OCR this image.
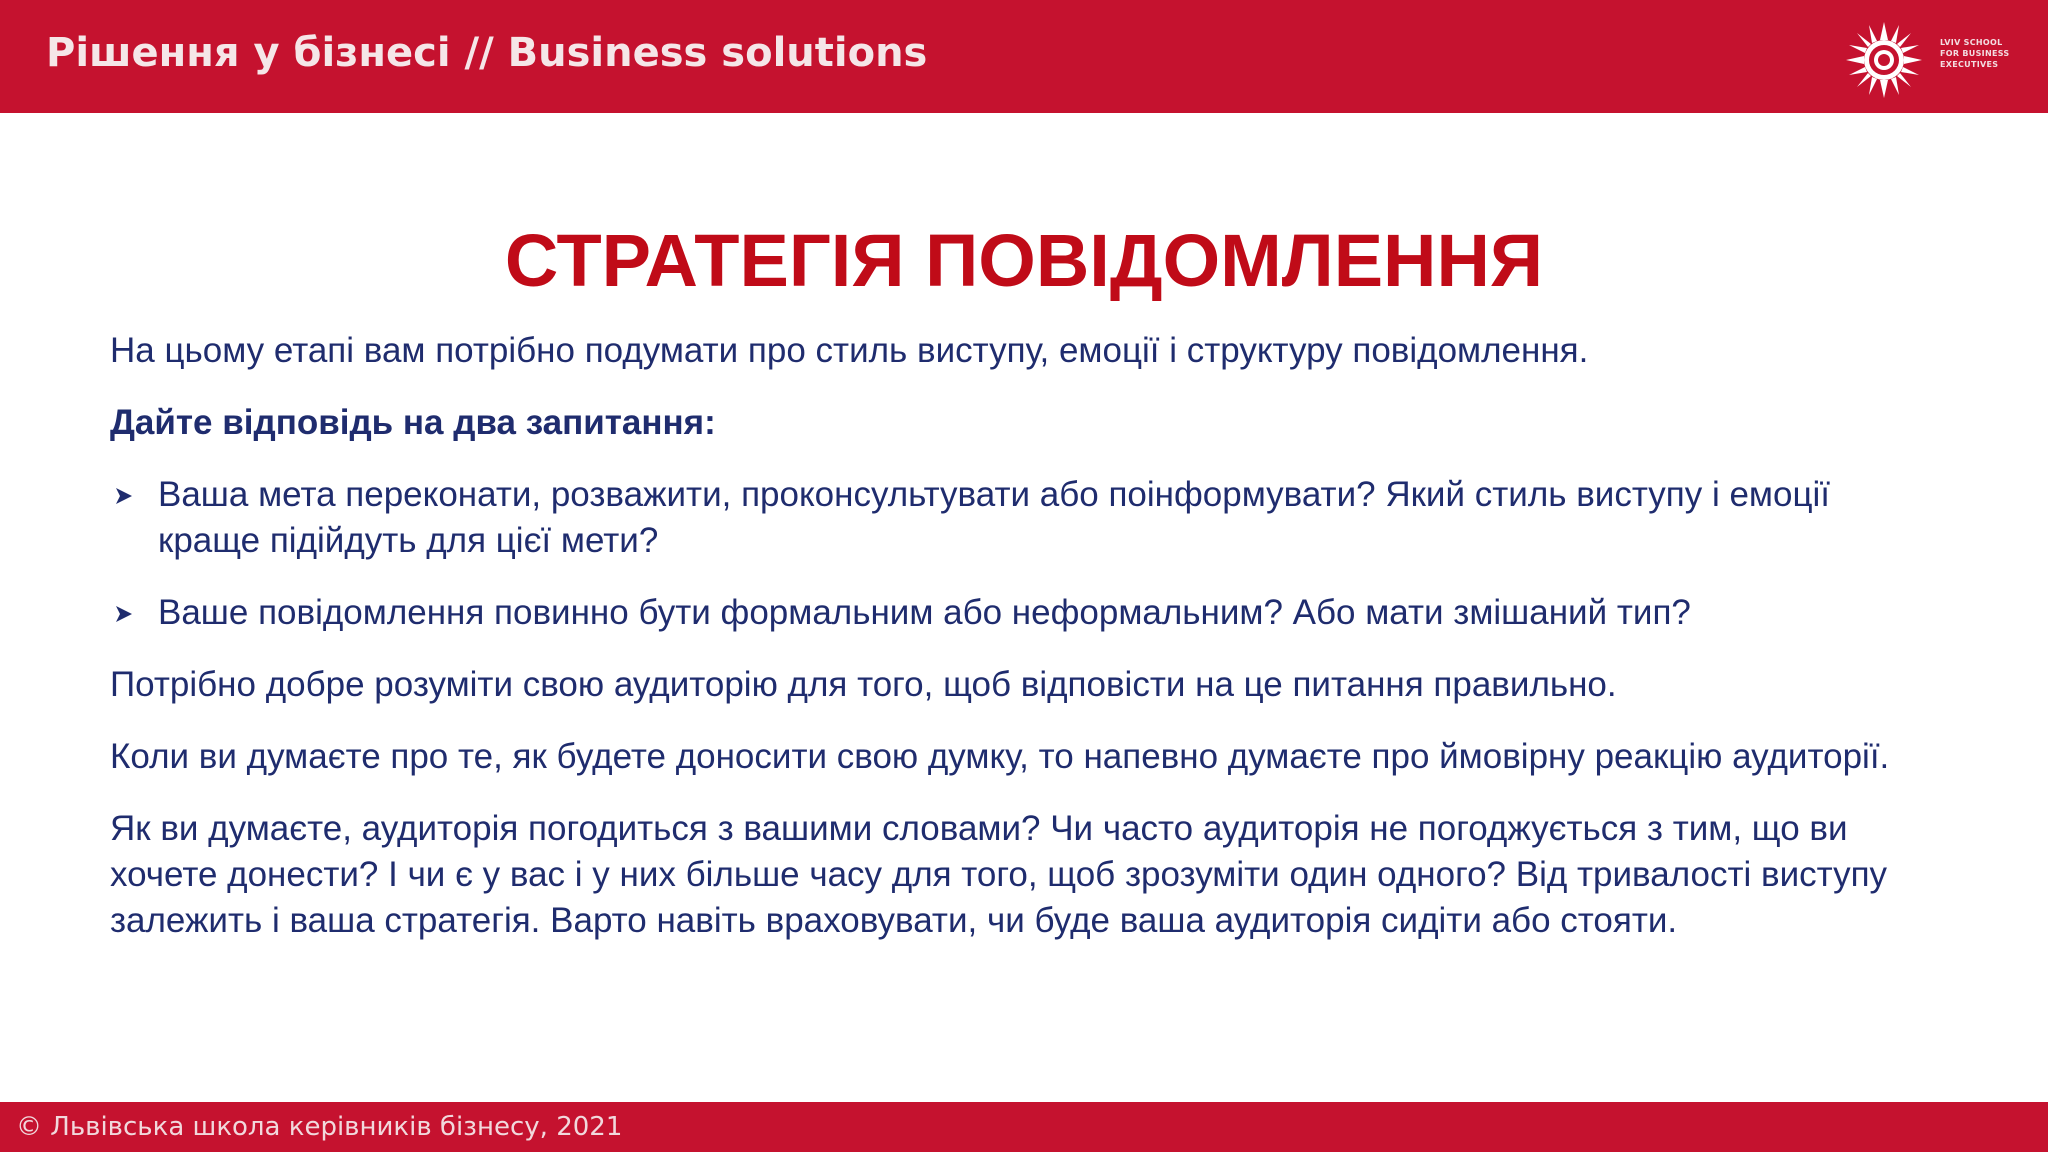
Рішення у бізнесі // Business solutions	LVIV SCHOOL
FOR BUSINESS
EXECUTIVES
СТРАТЕГІЯ ПОВІДОМЛЕННЯ

На цьому етапі вам потрібно подумати про стиль виступу, емоції і структуру повідомлення.

Дайте відповідь на два запитання:

Ваша мета переконати, розважити, проконсультувати або поінформувати? Який стиль виступу і емоції краще підійдуть для цієї мети?
Ваше повідомлення повинно бути формальним або неформальним? Або мати змішаний тип?

Потрібно добре розуміти свою аудиторію для того, щоб відповісти на це питання правильно.

Коли ви думаєте про те, як будете доносити свою думку, то напевно думаєте про ймовірну реакцію аудиторії.

Як ви думаєте, аудиторія погодиться з вашими словами? Чи часто аудиторія не погоджується з тим, що ви хочете донести? І чи є у вас і у них більше часу для того, щоб зрозуміти один одного? Від тривалості виступу залежить і ваша стратегія. Варто навіть враховувати, чи буде ваша аудиторія сидіти або стояти.

© Львівська школа керівників бізнесу, 2021
